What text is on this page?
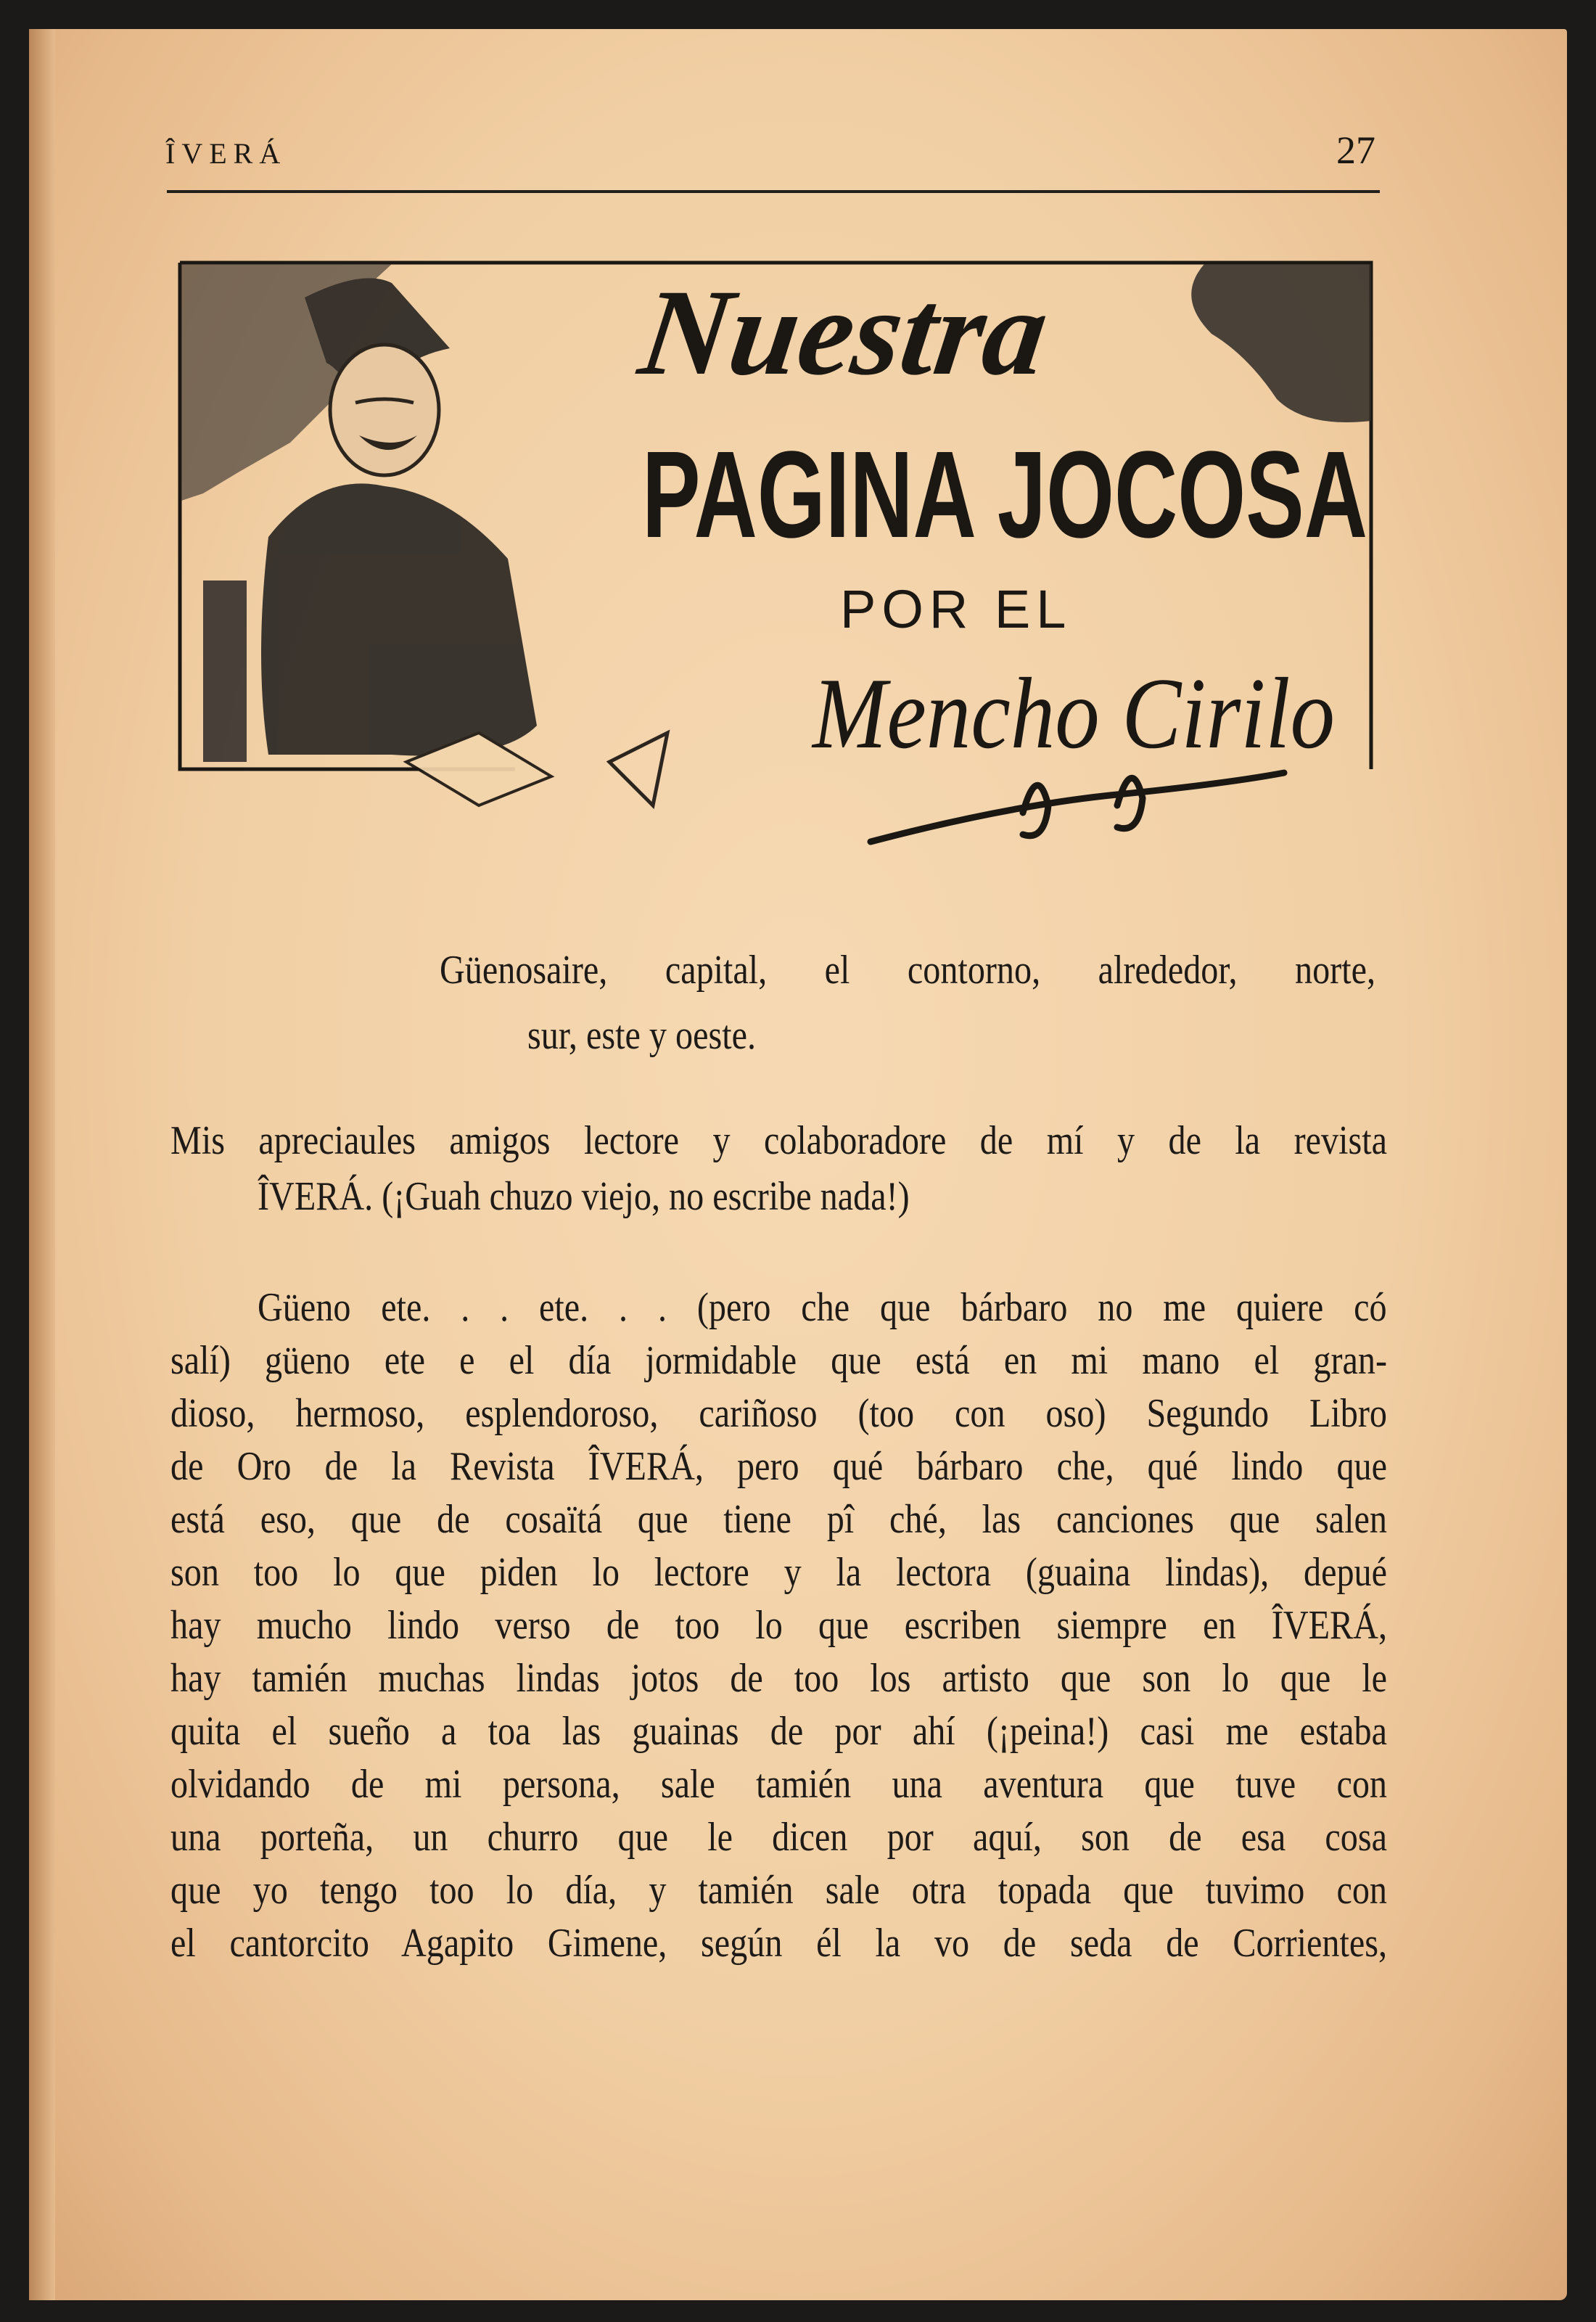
ÎVERÁ	27
Nuestra
PAGINA JOCOSA
POR EL
Mencho Cirilo
Güenosaire, capital, el contorno, alrededor, norte,
sur, este y oeste.
Mis apreciaules amigos lectore y colaboradore de mí y de la revista
ÎVERÁ. (¡Guah chuzo viejo, no escribe nada!)
Güeno ete. . . ete. . . (pero che que bárbaro no me quiere có
salí) güeno ete e el día jormidable que está en mi mano el gran-
dioso, hermoso, esplendoroso, cariñoso (too con oso) Segundo Libro
de Oro de la Revista ÎVERÁ, pero qué bárbaro che, qué lindo que
está eso, que de cosaïtá que tiene pî ché, las canciones que salen
son too lo que piden lo lectore y la lectora (guaina lindas), depué
hay mucho lindo verso de too lo que escriben siempre en ÎVERÁ,
hay tamién muchas lindas jotos de too los artisto que son lo que le
quita el sueño a toa las guainas de por ahí (¡peina!) casi me estaba
olvidando de mi persona, sale tamién una aventura que tuve con
una porteña, un churro que le dicen por aquí, son de esa cosa
que yo tengo too lo día, y tamién sale otra topada que tuvimo con
el cantorcito Agapito Gimene, según él la vo de seda de Corrientes,
